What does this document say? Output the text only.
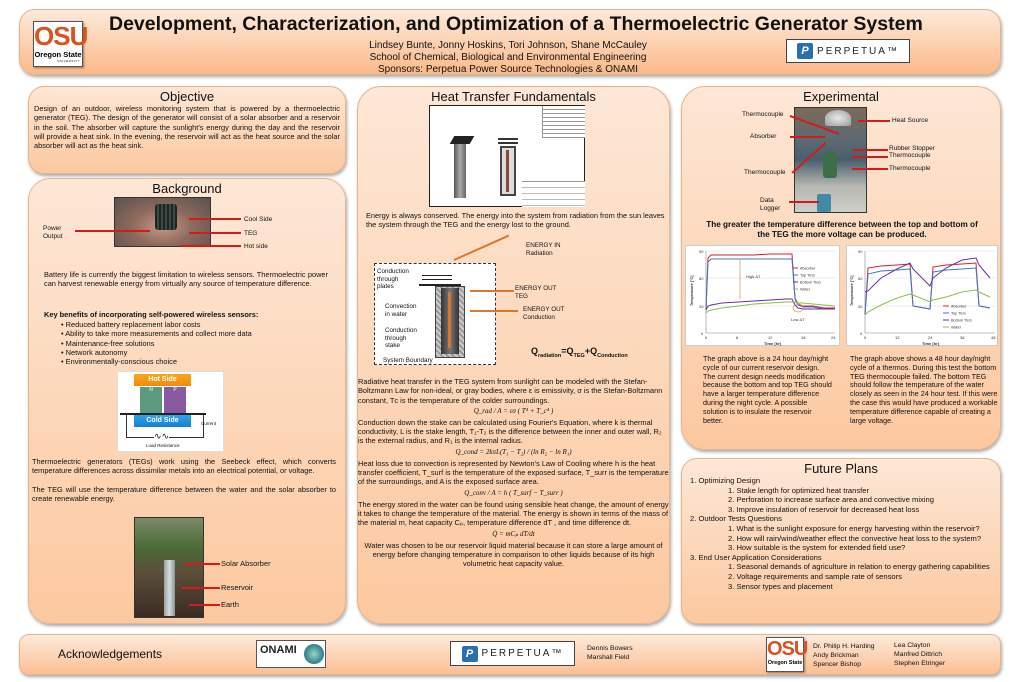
OSU
Oregon State
UNIVERSITY
Development, Characterization, and Optimization of a Thermoelectric Generator System
Lindsey Bunte, Jonny Hoskins, Tori Johnson, Shane McCauley
School of Chemical, Biological and Environmental Engineering
Sponsors: Perpetua Power Source Technologies & ONAMI
P PERPETUA™
Objective
Design of an outdoor, wireless monitoring system that is powered by a thermoelectric generator (TEG). The design of the generator will consist of a solar absorber and a reservoir in the soil. The absorber will capture the sunlight's energy during the day and the reservoir will provide a heat sink. In the evening, the reservoir will act as the heat source and the solar absorber will act as the heat sink.
Background
Power Output
Cool Side
TEG
Hot side
Battery life is currently the biggest limitation to wireless sensors. Thermoelectric power can harvest renewable energy from virtually any source of temperature difference.
Key benefits of incorporating self-powered wireless sensors:
• Reduced battery replacement labor costs
• Ability to take more measurements and collect more data
• Maintenance-free solutions
• Network autonomy
• Environmentally-conscious choice
Hot Side
N	P
Cold Side
∿∿
Current
Load Resistance
Thermoelectric generators (TEGs) work using the Seebeck effect, which converts temperature differences across dissimilar metals into an electrical potential, or voltage.
The TEG will use the temperature difference between the water and the solar absorber to create renewable energy.
Solar Absorber
Reservoir
Earth
Heat Transfer Fundamentals
Energy is always conserved. The energy into the system from radiation from the sun leaves the system through the TEG and the energy lost to the ground.
Conduction through plates
Convection in water
Conduction through stake
System Boundary
ENERGY IN
Radiation
ENERGY OUT
TEG
ENERGY OUT
Conduction
$Q_{radiation}=Q_{TEG}+Q_{Conduction}$
Radiative heat transfer in the TEG system from sunlight can be modeled with the Stefan-Boltzmann Law for non-ideal, or gray bodies, where ε is emissivity, σ is the Stefan-Boltzmann constant, Tᴄ is the temperature of the colder surroundings.
Q_rad / A = εσ ( T⁴ + T_c⁴ )
Conduction down the stake can be calculated using Fourier's Equation, where k is thermal conductivity, L is the stake length, T₁-T₂ is the difference between the inner and outer wall, R₂ is the external radius, and R₁ is the internal radius.
Q_cond = 2kπL(T₁ − T₂) / (ln R₂ − ln R₁)
Heat loss due to convection is represented by Newton's Law of Cooling where h is the heat transfer coefficient, T_surf is the temperature of the exposed surface, T_surr is the temperature of the surroundings, and A is the exposed surface area.
Q_conv / A = h ( T_surf − T_surr )
The energy stored in the water can be found using sensible heat change, the amount of energy it takes to change the temperature of the material. The energy is shown in terms of the mass of the material m, heat capacity Cₚ, temperature difference dT , and time difference dt.
Q̇ = mCₚ dT/dt
Water was chosen to be our reservoir liquid material because it can store a large amount of energy before changing temperature in comparison to other liquids because of its high volumetric heat capacity value.
Experimental
Thermocouple
Absorber
Thermocouple
Data Logger
Heat Source
Rubber Stopper
Thermocouple
Thermocouple
The greater the temperature difference between the top and bottom of the TEG the more voltage can be produced.
90
60
30
0
0	6	12	18	24
Time [hr]
Temperature [°C]	High ΔT
Low ΔT
Absorber
Top TEG
Bottom TEG
Water
90
60
30
0
0	12	24	36	48
Time [hr]
Temperature [°C]
Absorber
Top TEG
Bottom TEG
Water
The graph above is a 24 hour day/night cycle of our current reservoir design. The current design needs modification because the bottom and top TEG should have a larger temperature difference during the night cycle. A possible solution is to insulate the reservoir better.
The graph above shows a 48 hour day/night cycle of a thermos. During this test the bottom TEG thermocouple failed. The bottom TEG should follow the temperature of the water closely as seen in the 24 hour test. If this were the case this would have produced a workable temperature difference capable of creating a large voltage.
Future Plans
1. Optimizing Design
1. Stake length for optimized heat transfer
2. Perforation to increase surface area and convective mixing
3. Improve insulation of reservoir for decreased heat loss
2. Outdoor Tests Questions
1. What is the sunlight exposure for energy harvesting within the reservoir?
2. How will rain/wind/weather effect the convective heat loss to the system?
3. How suitable is the system for extended field use?
3. End User Application Considerations
1. Seasonal demands of agriculture in relation to energy gathering capabilities
2. Voltage requirements and sample rate of sensors
3. Sensor types and placement
Acknowledgements	ONAMI	P PERPETUA™	Dennis Bowers
Marshall Field	OSU
Oregon State
Dr. Philip H. Harding
Andy Brickman
Spencer Bishop
Lea Clayton
Manfred Dittrich
Stephen Etringer
